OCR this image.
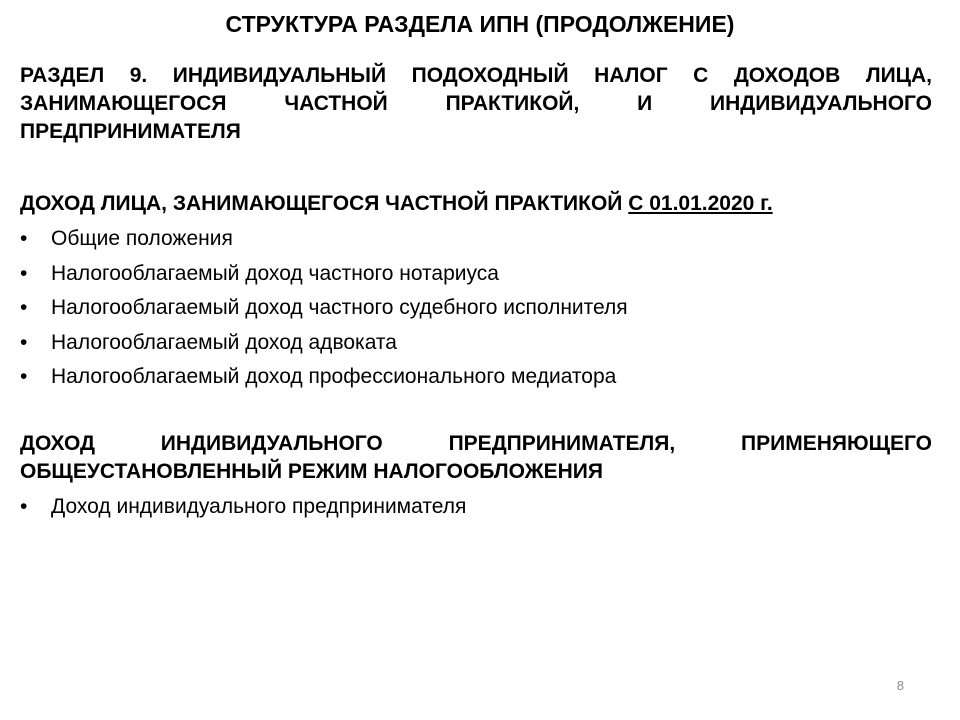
СТРУКТУРА РАЗДЕЛА ИПН (ПРОДОЛЖЕНИЕ)

РАЗДЕЛ 9. ИНДИВИДУАЛЬНЫЙ ПОДОХОДНЫЙ НАЛОГ С ДОХОДОВ ЛИЦА, ЗАНИМАЮЩЕГОСЯ ЧАСТНОЙ ПРАКТИКОЙ, И ИНДИВИДУАЛЬНОГО ПРЕДПРИНИМАТЕЛЯ

ДОХОД ЛИЦА, ЗАНИМАЮЩЕГОСЯ ЧАСТНОЙ ПРАКТИКОЙ С 01.01.2020 г.

•	Общие положения
•	Налогооблагаемый доход частного нотариуса
•	Налогооблагаемый доход частного судебного исполнителя
•	Налогооблагаемый доход адвоката
•	Налогооблагаемый доход профессионального медиатора

ДОХОД ИНДИВИДУАЛЬНОГО ПРЕДПРИНИМАТЕЛЯ, ПРИМЕНЯЮЩЕГО ОБЩЕУСТАНОВЛЕННЫЙ РЕЖИМ НАЛОГООБЛОЖЕНИЯ

•	Доход индивидуального предпринимателя
8
